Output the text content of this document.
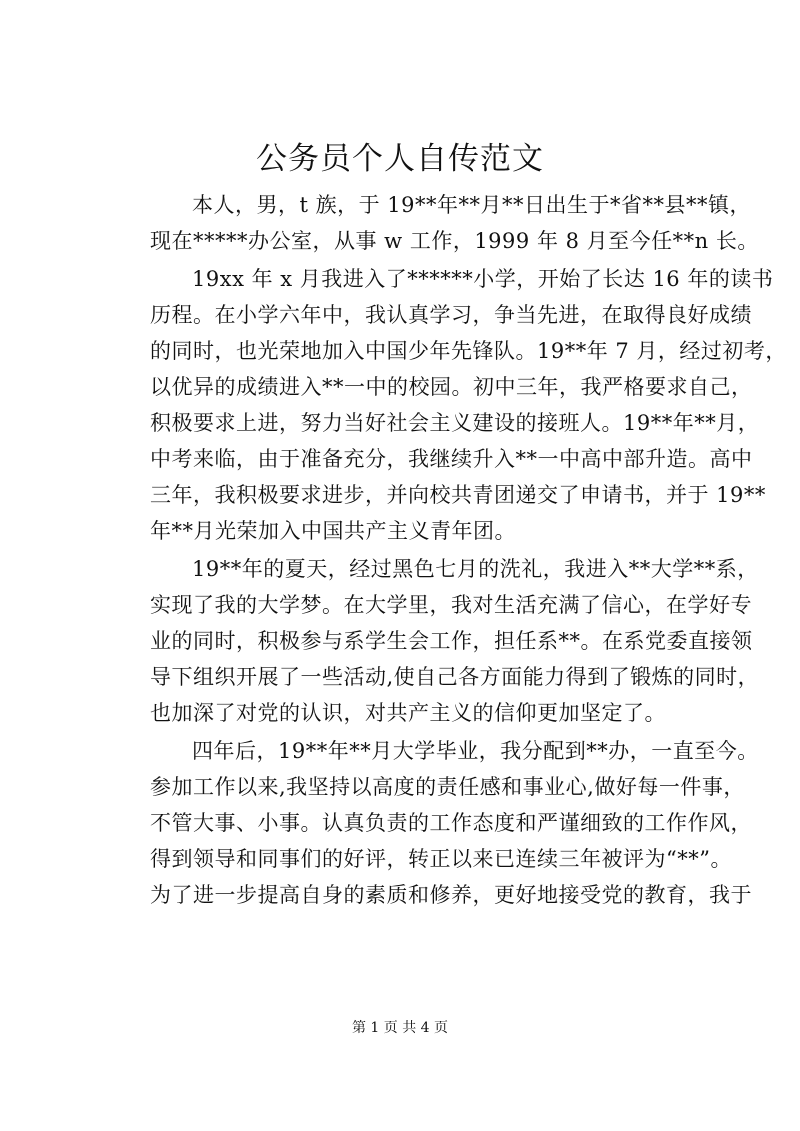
公务员个人自传范文

本人，男，t 族，于 19**年**月**日出生于*省**县**镇，
现在*****办公室，从事 w 工作，1999 年 8 月至今任**n 长。

19xx 年 x 月我进入了******小学，开始了长达 16 年的读书
历程。在小学六年中，我认真学习，争当先进，在取得良好成绩
的同时，也光荣地加入中国少年先锋队。19**年 7 月，经过初考，
以优异的成绩进入**一中的校园。初中三年，我严格要求自己，
积极要求上进，努力当好社会主义建设的接班人。19**年**月，
中考来临，由于准备充分，我继续升入**一中高中部升造。高中
三年，我积极要求进步，并向校共青团递交了申请书，并于 19**
年**月光荣加入中国共产主义青年团。

19**年的夏天，经过黑色七月的洗礼，我进入**大学**系，
实现了我的大学梦。在大学里，我对生活充满了信心，在学好专
业的同时，积极参与系学生会工作，担任系**。在系党委直接领
导下组织开展了一些活动,使自己各方面能力得到了锻炼的同时，
也加深了对党的认识，对共产主义的信仰更加坚定了。

四年后，19**年**月大学毕业，我分配到**办，一直至今。
参加工作以来,我坚持以高度的责任感和事业心,做好每一件事，
不管大事、小事。认真负责的工作态度和严谨细致的工作作风，
得到领导和同事们的好评，转正以来已连续三年被评为“**”。
为了进一步提高自身的素质和修养，更好地接受党的教育，我于

第 1 页 共 4 页
